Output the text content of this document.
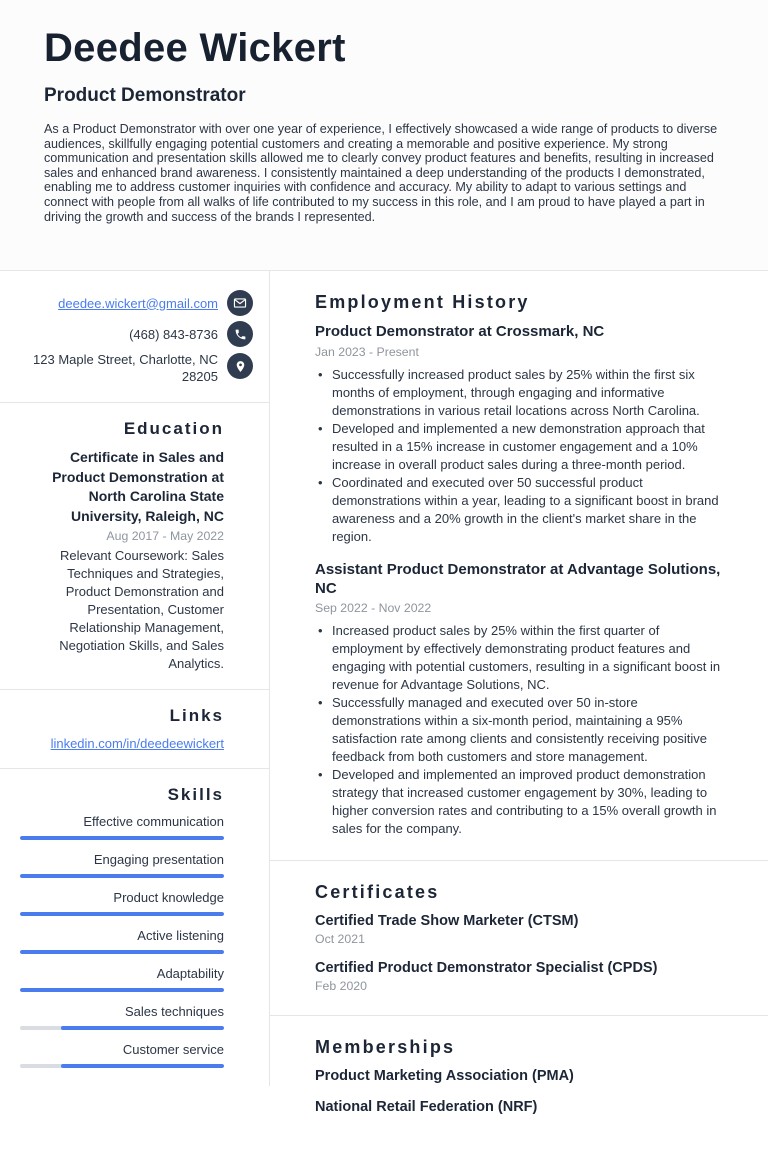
Deedee Wickert
Product Demonstrator
As a Product Demonstrator with over one year of experience, I effectively showcased a wide range of products to diverse audiences, skillfully engaging potential customers and creating a memorable and positive experience. My strong communication and presentation skills allowed me to clearly convey product features and benefits, resulting in increased sales and enhanced brand awareness. I consistently maintained a deep understanding of the products I demonstrated, enabling me to address customer inquiries with confidence and accuracy. My ability to adapt to various settings and connect with people from all walks of life contributed to my success in this role, and I am proud to have played a part in driving the growth and success of the brands I represented.
deedee.wickert@gmail.com
(468) 843-8736
123 Maple Street, Charlotte, NC 28205
Education
Certificate in Sales and Product Demonstration at North Carolina State University, Raleigh, NC
Aug 2017 - May 2022
Relevant Coursework: Sales Techniques and Strategies, Product Demonstration and Presentation, Customer Relationship Management, Negotiation Skills, and Sales Analytics.
Links
linkedin.com/in/deedeewickert
Skills
Effective communication
Engaging presentation
Product knowledge
Active listening
Adaptability
Sales techniques
Customer service
Employment History
Product Demonstrator at Crossmark, NC
Jan 2023 - Present
• Successfully increased product sales by 25% within the first six months of employment, through engaging and informative demonstrations in various retail locations across North Carolina.
• Developed and implemented a new demonstration approach that resulted in a 15% increase in customer engagement and a 10% increase in overall product sales during a three-month period.
• Coordinated and executed over 50 successful product demonstrations within a year, leading to a significant boost in brand awareness and a 20% growth in the client's market share in the region.
Assistant Product Demonstrator at Advantage Solutions, NC
Sep 2022 - Nov 2022
• Increased product sales by 25% within the first quarter of employment by effectively demonstrating product features and engaging with potential customers, resulting in a significant boost in revenue for Advantage Solutions, NC.
• Successfully managed and executed over 50 in-store demonstrations within a six-month period, maintaining a 95% satisfaction rate among clients and consistently receiving positive feedback from both customers and store management.
• Developed and implemented an improved product demonstration strategy that increased customer engagement by 30%, leading to higher conversion rates and contributing to a 15% overall growth in sales for the company.
Certificates
Certified Trade Show Marketer (CTSM)
Oct 2021
Certified Product Demonstrator Specialist (CPDS)
Feb 2020
Memberships
Product Marketing Association (PMA)
National Retail Federation (NRF)
